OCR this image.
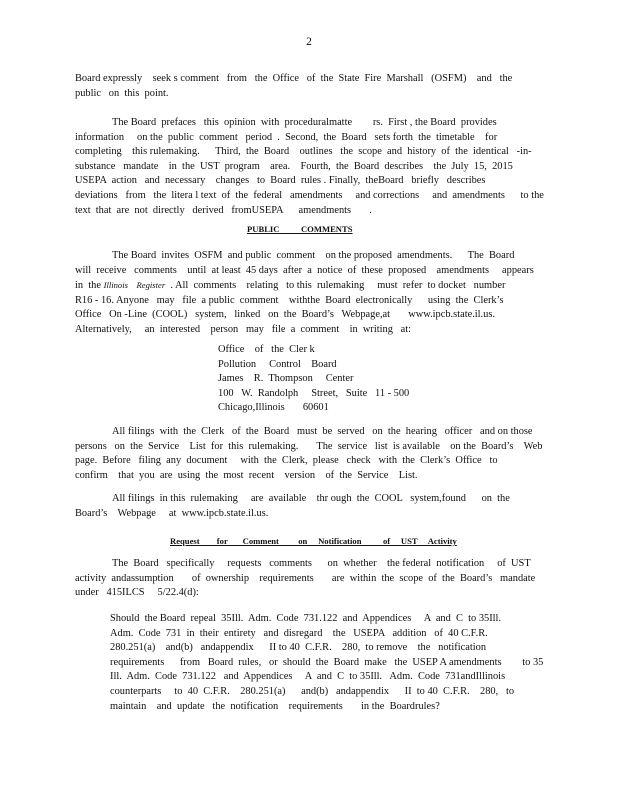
2
Board expressly    seek s comment   from   the  Office   of  the  State  Fire  Marshall   (OSFM)    and   the
public   on  this  point.
The Board  prefaces   this  opinion  with  proceduralmatte        rs.  First , the Board  provides
information     on the  public  comment   period  .  Second,  the  Board   sets forth  the  timetable    for
completing    this rulemaking.      Third,  the  Board    outlines   the  scope  and  history  of  the  identical   -in-
substance   mandate    in  the  UST  program    area.    Fourth,  the  Board  describes    the  July  15,  2015
USEPA  action   and  necessary    changes   to  Board  rules . Finally,  theBoard   briefly   describes
deviations   from   the  litera l text  of  the  federal   amendments     and corrections     and  amendments      to the
text  that  are  not  directly   derived   fromUSEPA      amendments       .
PUBLIC          COMMENTS
The Board  invites  OSFM  and public  comment    on the proposed  amendments.      The  Board
will  receive   comments    until  at least  45 days  after  a  notice  of  these  proposed    amendments     appears
in  the Illinois    Register  . All  comments    relating   to this  rulemaking     must  refer  to docket   number
R16 - 16. Anyone   may   file  a public  comment    withthe  Board  electronically      using  the  Clerk’s
Office   On -Line  (COOL)   system,   linked   on  the  Board’s   Webpage,at       www.ipcb.state.il.us.
Alternatively,     an  interested    person   may   file  a  comment    in  writing   at:
Office    of   the  Cler k
Pollution     Control    Board
James    R.  Thompson     Center
100   W.  Randolph     Street,   Suite   11 - 500
Chicago,Illinois       60601
All filings  with  the  Clerk   of  the  Board   must  be  served   on  the  hearing   officer   and on those
persons   on  the  Service    List  for  this  rulemaking.       The  service   list  is available    on the  Board’s    Web
page.  Before   filing  any  document     with  the  Clerk,  please   check   with  the  Clerk’s  Office   to
confirm    that  you  are  using  the  most  recent    version    of  the  Service    List.
All filings  in this  rulemaking     are  available    thr ough  the  COOL   system,found      on  the
Board’s    Webpage     at  www.ipcb.state.il.us.
Request        for       Comment         on     Notification          of     UST     Activity
The  Board   specifically     requests   comments      on  whether    the federal  notification     of  UST
activity  andassumption       of  ownership    requirements       are  within  the  scope  of  the  Board’s   mandate
under   415ILCS     5/22.4(d):
Should  the Board  repeal  35Ill.  Adm.  Code  731.122  and  Appendices     A  and  C  to 35Ill.
Adm.  Code  731  in  their  entirety   and  disregard    the   USEPA   addition   of  40 C.F.R.
280.251(a)    and(b)   andappendix      II to 40  C.F.R.    280,  to remove    the   notification
requirements      from   Board  rules,   or  should  the  Board  make   the  USEP A amendments        to 35
Ill.  Adm.  Code  731.122   and  Appendices     A  and  C  to 35Ill.   Adm.  Code  731andIllinois
counterparts     to  40  C.F.R.    280.251(a)      and(b)   andappendix      II  to 40  C.F.R.    280,   to
maintain    and  update   the  notification    requirements       in the  Boardrules?
